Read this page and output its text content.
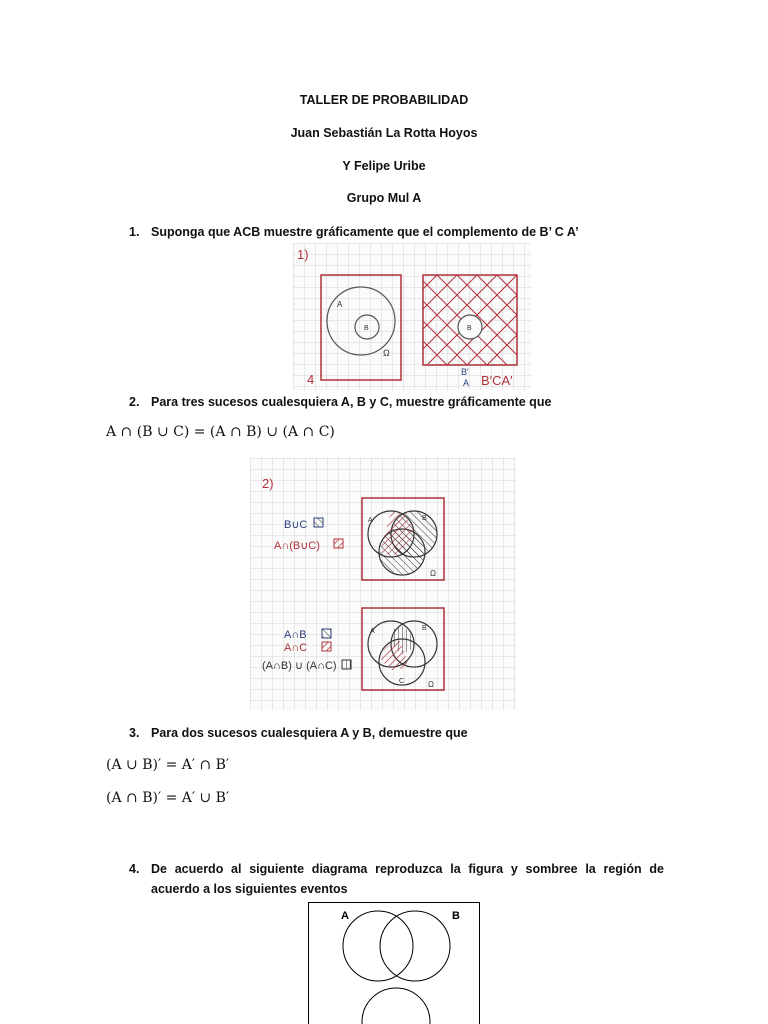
TALLER DE PROBABILIDAD
Juan Sebastián La Rotta Hoyos
Y Felipe Uribe
Grupo Mul A
1. Suponga que ACB muestre gráficamente que el complemento de B’ C A’
1)
A
B
Ω
4
B
B′
A B′CA′
2. Para tres sucesos cualesquiera A, B y C, muestre gráficamente que
A ∩ (B ∪ C) = (A ∩ B) ∪ (A ∩ C)
2)
B∪C
A∩(B∪C)
A	B
Ω
A∩B
A∩C
(A∩B) ∪ (A∩C)
A	B
C	Ω
3. Para dos sucesos cualesquiera A y B, demuestre que
(A ∪ B)′ = A′ ∩ B′
(A ∩ B)′ = A′ ∪ B′
4. De acuerdo al siguiente diagrama reproduzca la figura y sombree la región de acuerdo a los siguientes eventos
A	B
